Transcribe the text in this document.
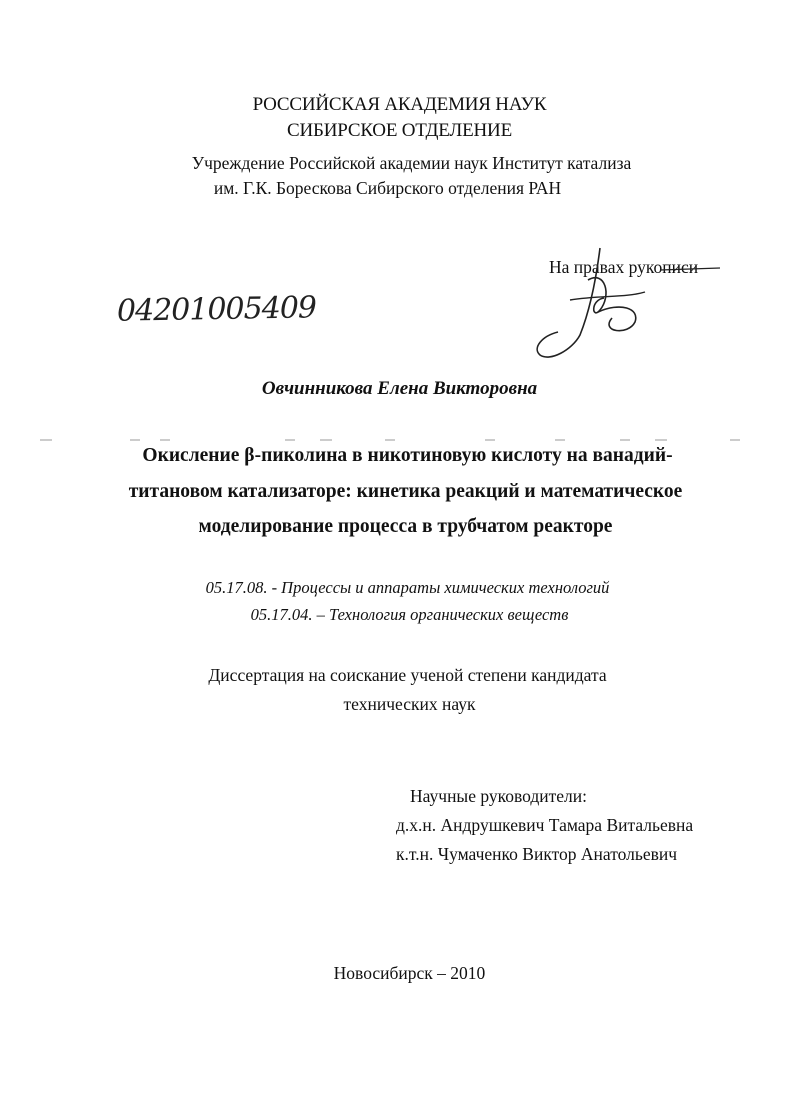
РОССИЙСКАЯ АКАДЕМИЯ НАУК
СИБИРСКОЕ ОТДЕЛЕНИЕ
Учреждение Российской академии наук Институт катализа
им. Г.К. Борескова Сибирского отделения РАН
На правах рукописи
04201005409
Овчинникова Елена Викторовна
Окисление β-пиколина в никотиновую кислоту на ванадий-
титановом катализаторе: кинетика реакций и математическое
моделирование процесса в трубчатом реакторе
05.17.08. - Процессы и аппараты химических технологий
05.17.04. – Технология органических веществ
Диссертация на соискание ученой степени кандидата
технических наук
Научные руководители:
д.х.н. Андрушкевич Тамара Витальевна
к.т.н. Чумаченко Виктор Анатольевич
Новосибирск – 2010
